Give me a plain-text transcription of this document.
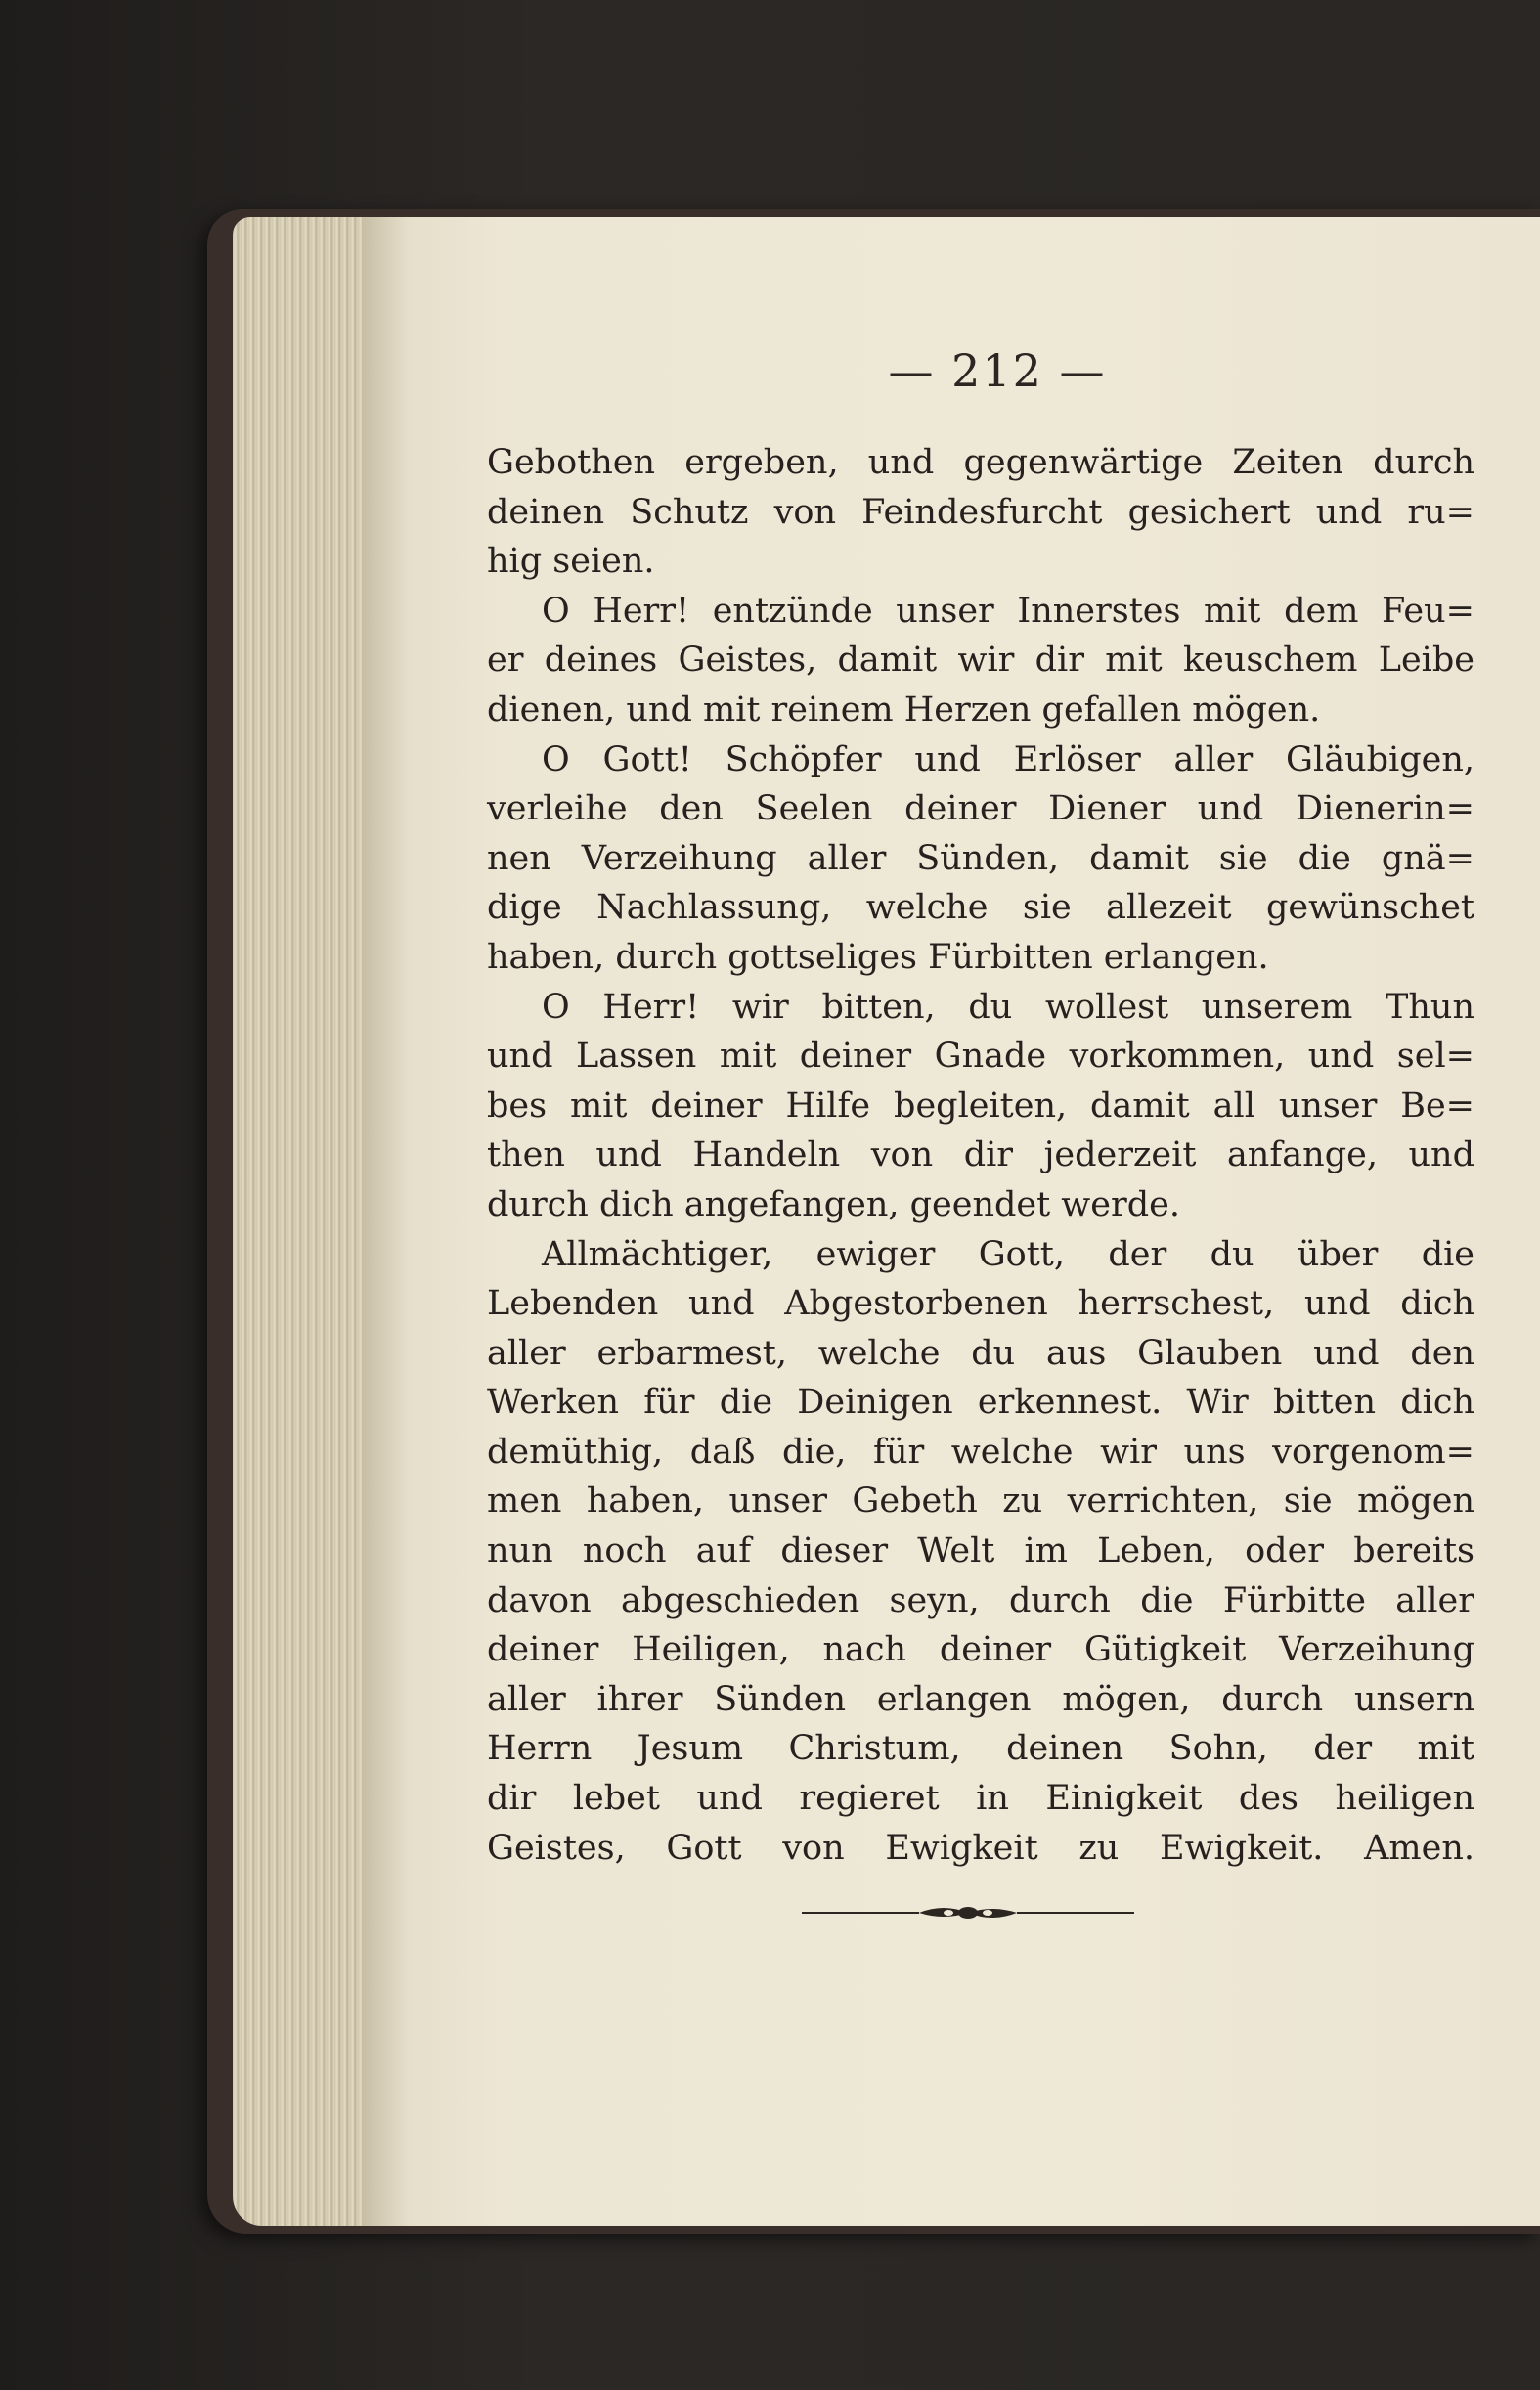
— 212 —
Gebothen ergeben, und gegenwärtige Zeiten durch
deinen Schutz von Feindesfurcht gesichert und ru=
hig seien.
O Herr! entzünde unser Innerstes mit dem Feu=
er deines Geistes, damit wir dir mit keuschem Leibe
dienen, und mit reinem Herzen gefallen mögen.
O Gott! Schöpfer und Erlöser aller Gläubigen,
verleihe den Seelen deiner Diener und Dienerin=
nen Verzeihung aller Sünden, damit sie die gnä=
dige Nachlassung, welche sie allezeit gewünschet
haben, durch gottseliges Fürbitten erlangen.
O Herr! wir bitten, du wollest unserem Thun
und Lassen mit deiner Gnade vorkommen, und sel=
bes mit deiner Hilfe begleiten, damit all unser Be=
then und Handeln von dir jederzeit anfange, und
durch dich angefangen, geendet werde.
Allmächtiger, ewiger Gott, der du über die
Lebenden und Abgestorbenen herrschest, und dich
aller erbarmest, welche du aus Glauben und den
Werken für die Deinigen erkennest. Wir bitten dich
demüthig, daß die, für welche wir uns vorgenom=
men haben, unser Gebeth zu verrichten, sie mögen
nun noch auf dieser Welt im Leben, oder bereits
davon abgeschieden seyn, durch die Fürbitte aller
deiner Heiligen, nach deiner Gütigkeit Verzeihung
aller ihrer Sünden erlangen mögen, durch unsern
Herrn Jesum Christum, deinen Sohn, der mit
dir lebet und regieret in Einigkeit des heiligen
Geistes, Gott von Ewigkeit zu Ewigkeit. Amen.
